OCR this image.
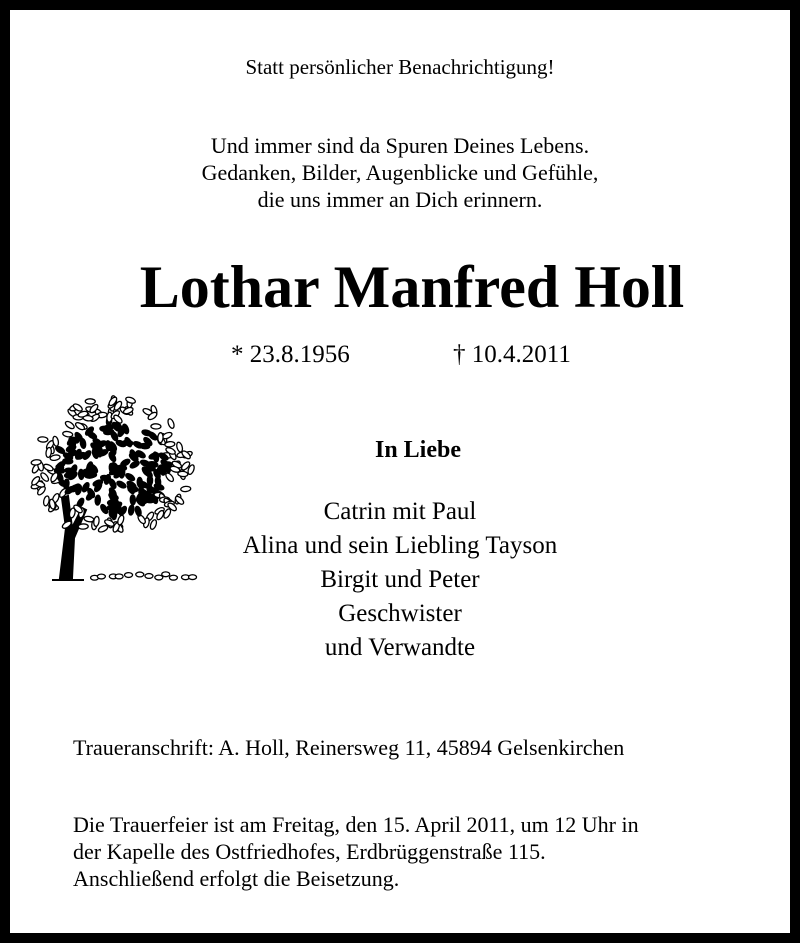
Statt persönlicher Benachrichtigung!
Und immer sind da Spuren Deines Lebens.
Gedanken, Bilder, Augenblicke und Gefühle,
die uns immer an Dich erinnern.
Lothar Manfred Holl
* 23.8.1956	† 10.4.2011
In Liebe
Catrin mit Paul
Alina und sein Liebling Tayson
Birgit und Peter
Geschwister
und Verwandte
Traueranschrift: A. Holl, Reinersweg 11, 45894 Gelsenkirchen
Die Trauerfeier ist am Freitag, den 15. April 2011, um 12 Uhr in
der Kapelle des Ostfriedhofes, Erdbrüggenstraße 115.
Anschließend erfolgt die Beisetzung.
